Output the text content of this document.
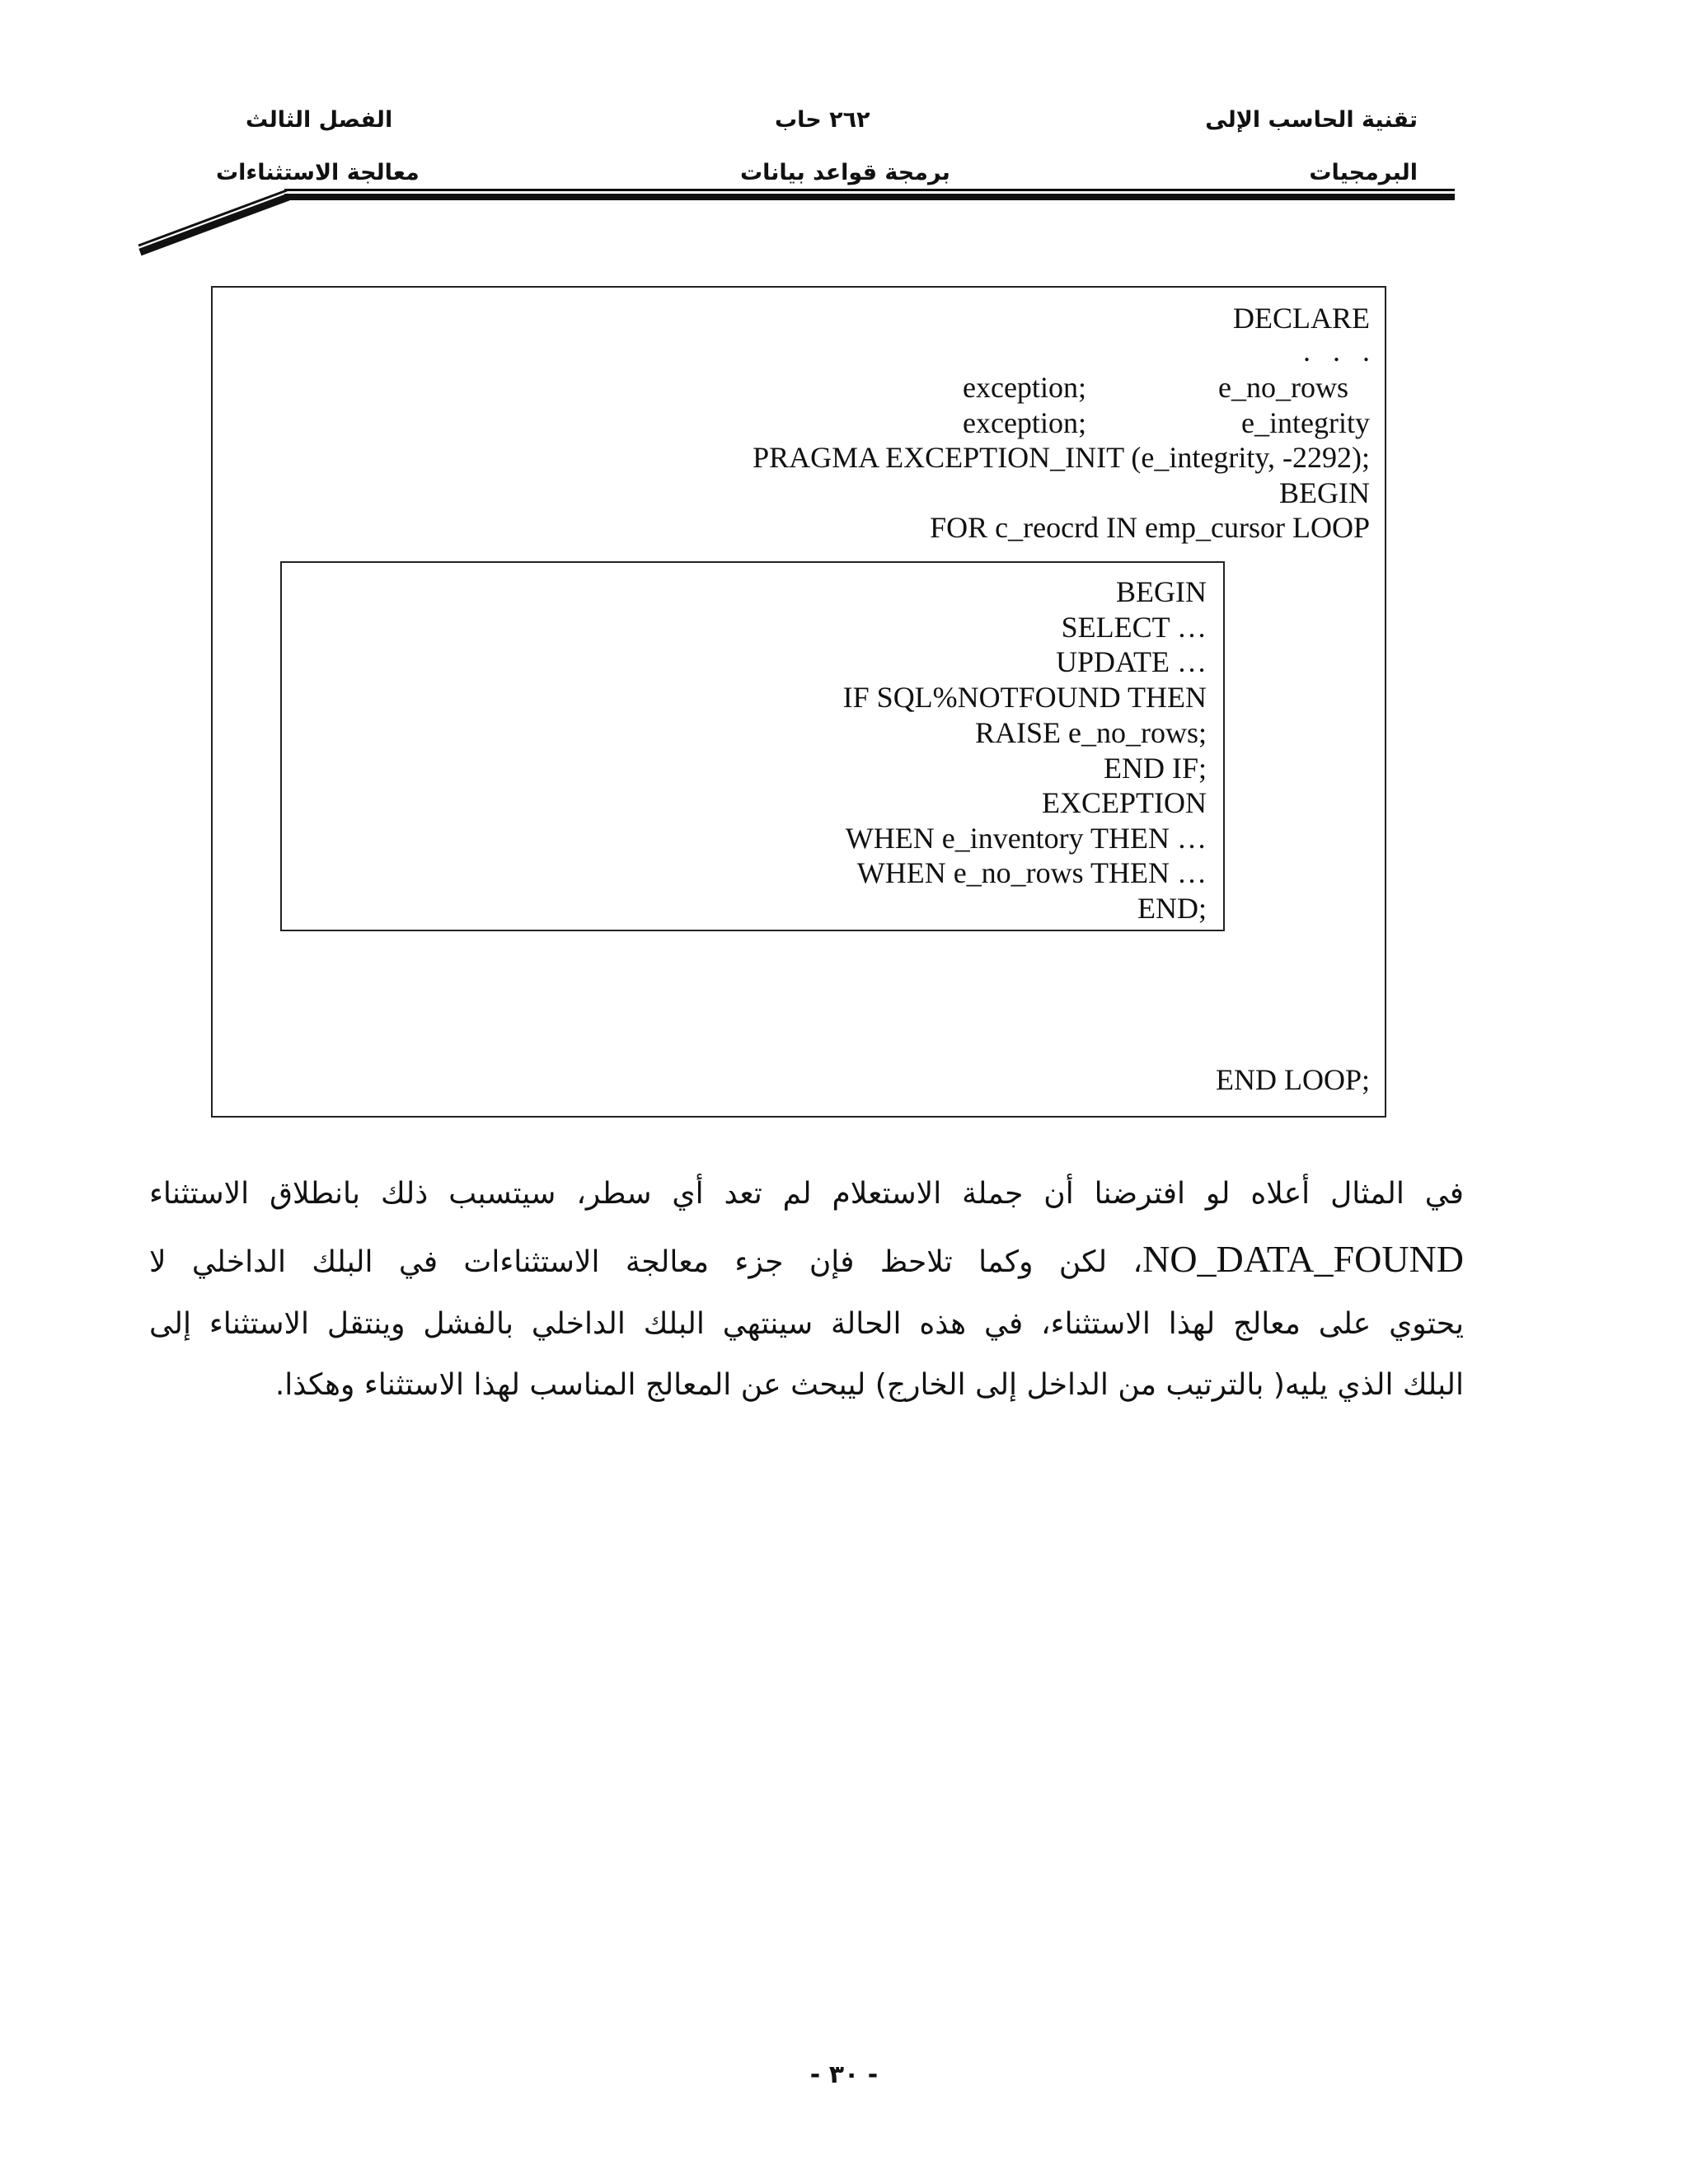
تقنية الحاسب الإلى
البرمجيات
٢٦٢ حاب
برمجة قواعد بيانات
الفصل الثالث
معالجة الاستثناءات
DECLARE
.   .   .
exception;	e_no_rows
exception;	e_integrity
PRAGMA EXCEPTION_INIT (e_integrity, -2292);
BEGIN
FOR c_reocrd IN emp_cursor LOOP
BEGIN
SELECT …
UPDATE …
IF SQL%NOTFOUND THEN
RAISE e_no_rows;
END IF;
EXCEPTION
WHEN e_inventory THEN …
WHEN e_no_rows THEN …
END;
END LOOP;
في المثال أعلاه لو افترضنا أن جملة الاستعلام لم تعد أي سطر، سيتسبب ذلك بانطلاق الاستثناء
NO_DATA_FOUND، لكن وكما تلاحظ فإن جزء معالجة الاستثناءات في البلك الداخلي لا
يحتوي على معالج لهذا الاستثناء، في هذه الحالة سينتهي البلك الداخلي بالفشل وينتقل الاستثناء إلى
البلك الذي يليه( بالترتيب من الداخل إلى الخارج) ليبحث عن المعالج المناسب لهذا الاستثناء وهكذا.
- ٣٠ -
